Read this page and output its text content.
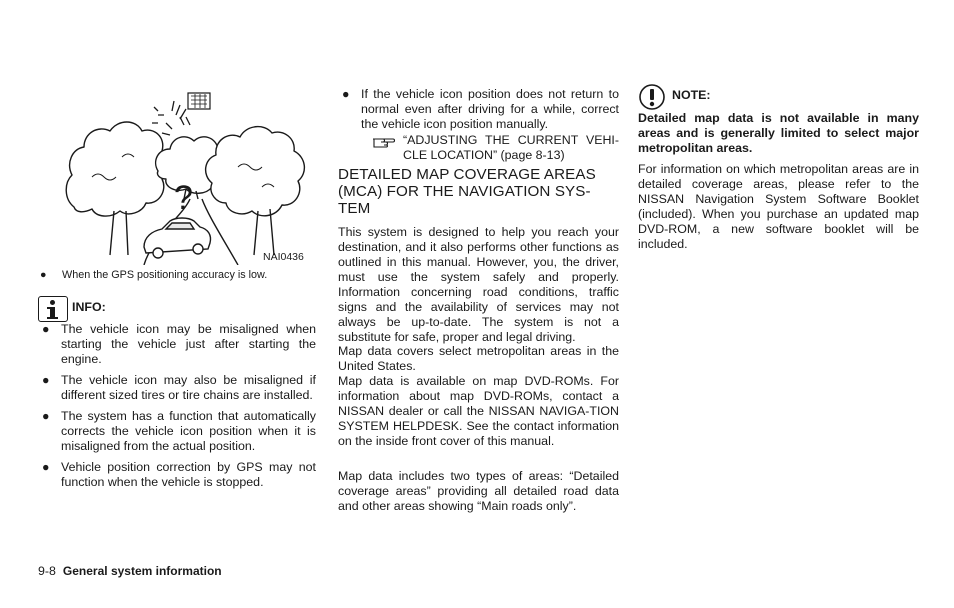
?
NAI0436
● When the GPS positioning accuracy is low.
INFO:
● The vehicle icon may be misaligned when starting the vehicle just after starting the engine.
● The vehicle icon may also be misaligned if different sized tires or tire chains are installed.
● The system has a function that automatically corrects the vehicle icon position when it is misaligned from the actual position.
● Vehicle position correction by GPS may not function when the vehicle is stopped.
● If the vehicle icon position does not return to normal even after driving for a while, correct the vehicle icon position manually.
“ADJUSTING THE CURRENT VEHI-CLE LOCATION” (page 8-13)
DETAILED MAP COVERAGE AREAS (MCA) FOR THE NAVIGATION SYS-TEM

This system is designed to help you reach your destination, and it also performs other functions as outlined in this manual. However, you, the driver, must use the system safely and properly. Information concerning road conditions, traffic signs and the availability of services may not always be up-to-date. The system is not a substitute for safe, proper and legal driving.

Map data covers select metropolitan areas in the United States.

Map data is available on map DVD-ROMs. For information about map DVD-ROMs, contact a NISSAN dealer or call the NISSAN NAVIGA-TION SYSTEM HELPDESK. See the contact information on the inside front cover of this manual.

Map data includes two types of areas: “Detailed coverage areas” providing all detailed road data and other areas showing “Main roads only”.

NOTE:

Detailed map data is not available in many areas and is generally limited to select major metropolitan areas.

For information on which metropolitan areas are in detailed coverage areas, please refer to the NISSAN Navigation System Software Booklet (included). When you purchase an updated map DVD-ROM, a new software booklet will be included.

9-8 General system information
